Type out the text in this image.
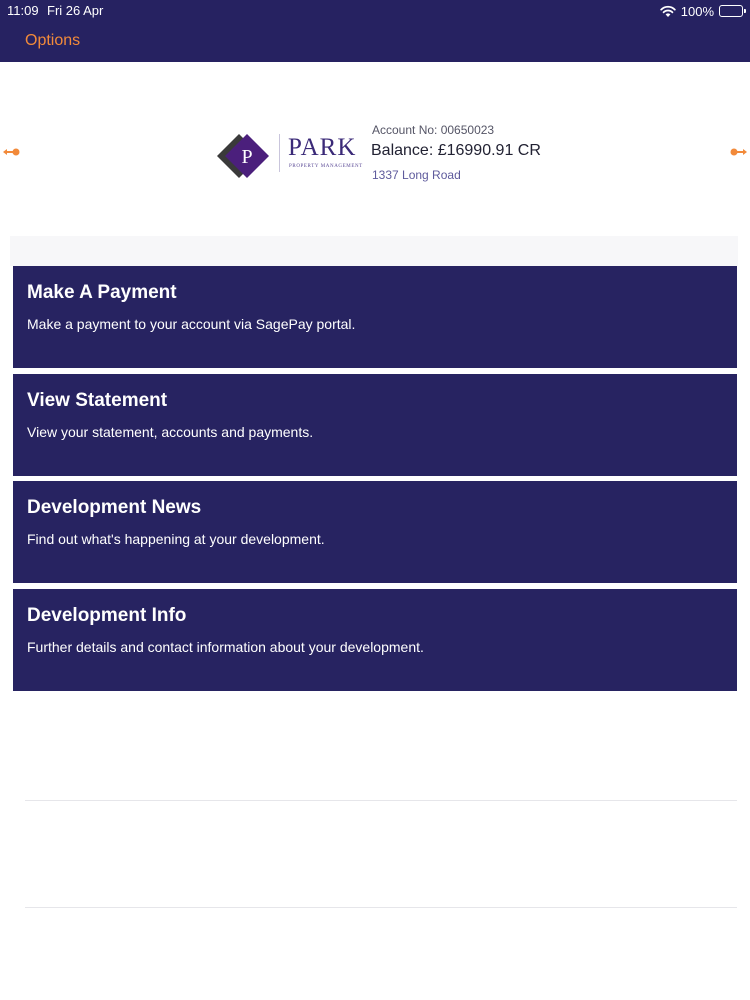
11:09 Fri 26 Apr	100%
Options
P PARK
PROPERTY MANAGEMENT
Account No: 00650023
Balance: £16990.91 CR
1337 Long Road
Make A Payment
Make a payment to your account via SagePay portal.
View Statement
View your statement, accounts and payments.
Development News
Find out what's happening at your development.
Development Info
Further details and contact information about your development.
